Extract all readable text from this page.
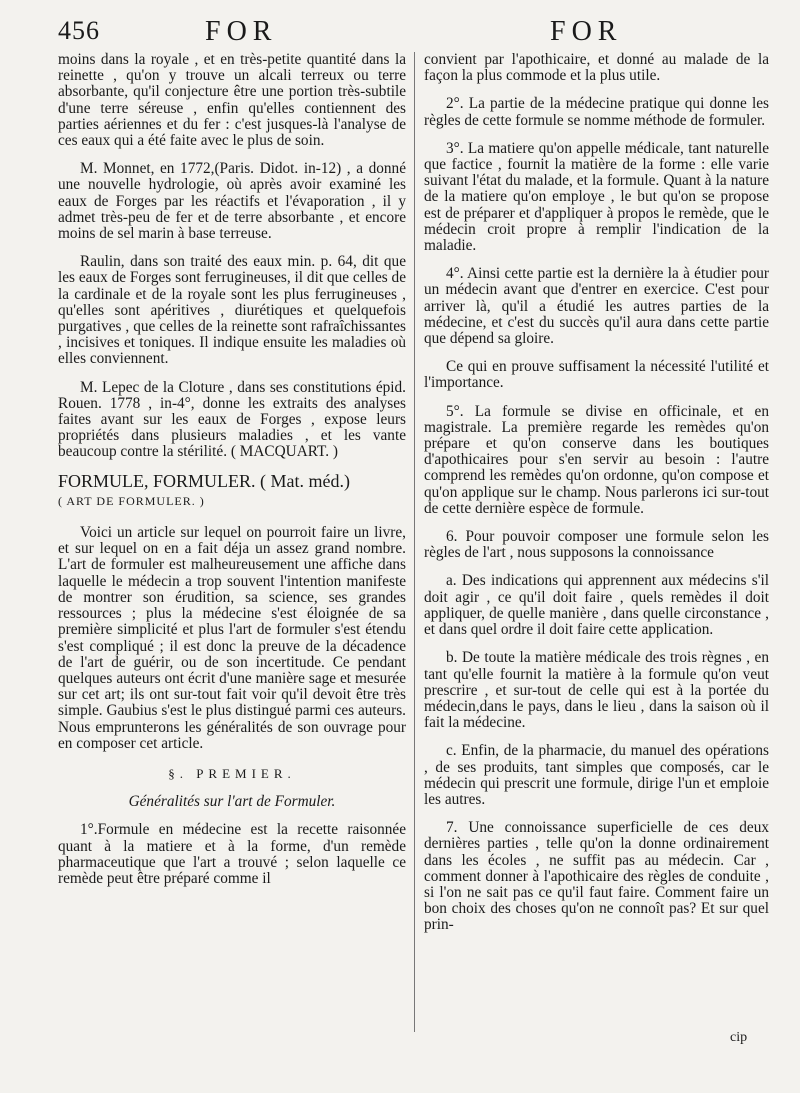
456	FOR	FOR

moins dans la royale , et en très-petite quantité dans la reinette , qu'on y trouve un alcali terreux ou terre absorbante, qu'il conjecture être une portion très-subtile d'une terre séreuse , enfin qu'elles contiennent des parties aériennes et du fer : c'est jusques-là l'analyse de ces eaux qui a été faite avec le plus de soin.

M. Monnet, en 1772,(Paris. Didot. in-12) , a donné une nouvelle hydrologie, où après avoir examiné les eaux de Forges par les réactifs et l'évaporation , il y admet très-peu de fer et de terre absorbante , et encore moins de sel marin à base terreuse.

Raulin, dans son traité des eaux min. p. 64, dit que les eaux de Forges sont ferrugineuses, il dit que celles de la cardinale et de la royale sont les plus ferrugineuses , qu'elles sont apéritives , diurétiques et quelquefois purgatives , que celles de la reinette sont rafraîchissantes , incisives et toniques. Il indique ensuite les maladies où elles conviennent.

M. Lepec de la Cloture , dans ses constitutions épid. Rouen. 1778 , in-4°, donne les extraits des analyses faites avant sur les eaux de Forges , expose leurs propriétés dans plusieurs maladies , et les vante beaucoup contre la stérilité. ( MACQUART. )

FORMULE, FORMULER. ( Mat. méd.)
( ART DE FORMULER. )

Voici un article sur lequel on pourroit faire un livre, et sur lequel on en a fait déja un assez grand nombre. L'art de formuler est malheureusement une affiche dans laquelle le médecin a trop souvent l'intention manifeste de montrer son érudition, sa science, ses grandes ressources ; plus la médecine s'est éloignée de sa première simplicité et plus l'art de formuler s'est étendu s'est compliqué ; il est donc la preuve de la décadence de l'art de guérir, ou de son incertitude. Ce pendant quelques auteurs ont écrit d'une manière sage et mesurée sur cet art; ils ont sur-tout fait voir qu'il devoit être très simple. Gaubius s'est le plus distingué parmi ces auteurs. Nous emprunterons les généralités de son ouvrage pour en composer cet article.

§. PREMIER.
Généralités sur l'art de Formuler.

1°.Formule en médecine est la recette raisonnée quant à la matiere et à la forme, d'un remède pharmaceutique que l'art a trouvé ; selon laquelle ce remède peut être préparé comme il

convient par l'apothicaire, et donné au malade de la façon la plus commode et la plus utile.

2°. La partie de la médecine pratique qui donne les règles de cette formule se nomme méthode de formuler.

3°. La matiere qu'on appelle médicale, tant naturelle que factice , fournit la matière de la forme : elle varie suivant l'état du malade, et la formule. Quant à la nature de la matiere qu'on employe , le but qu'on se propose est de préparer et d'appliquer à propos le remède, que le médecin croit propre à remplir l'indication de la maladie.

4°. Ainsi cette partie est la dernière la à étudier pour un médecin avant que d'entrer en exercice. C'est pour arriver là, qu'il a étudié les autres parties de la médecine, et c'est du succès qu'il aura dans cette partie que dépend sa gloire.

Ce qui en prouve suffisament la nécessité l'utilité et l'importance.

5°. La formule se divise en officinale, et en magistrale. La première regarde les remèdes qu'on prépare et qu'on conserve dans les boutiques d'apothicaires pour s'en servir au besoin : l'autre comprend les remèdes qu'on ordonne, qu'on compose et qu'on applique sur le champ. Nous parlerons ici sur-tout de cette dernière espèce de formule.

6. Pour pouvoir composer une formule selon les règles de l'art , nous supposons la connoissance

a. Des indications qui apprennent aux médecins s'il doit agir , ce qu'il doit faire , quels remèdes il doit appliquer, de quelle manière , dans quelle circonstance , et dans quel ordre il doit faire cette application.

b. De toute la matière médicale des trois règnes , en tant qu'elle fournit la matière à la formule qu'on veut prescrire , et sur-tout de celle qui est à la portée du médecin,dans le pays, dans le lieu , dans la saison où il fait la médecine.

c. Enfin, de la pharmacie, du manuel des opérations , de ses produits, tant simples que composés, car le médecin qui prescrit une formule, dirige l'un et emploie les autres.

7. Une connoissance superficielle de ces deux dernières parties , telle qu'on la donne ordinairement dans les écoles , ne suffit pas au médecin. Car , comment donner à l'apothicaire des règles de conduite , si l'on ne sait pas ce qu'il faut faire. Comment faire un bon choix des choses qu'on ne connoît pas? Et sur quel prin-

cip
